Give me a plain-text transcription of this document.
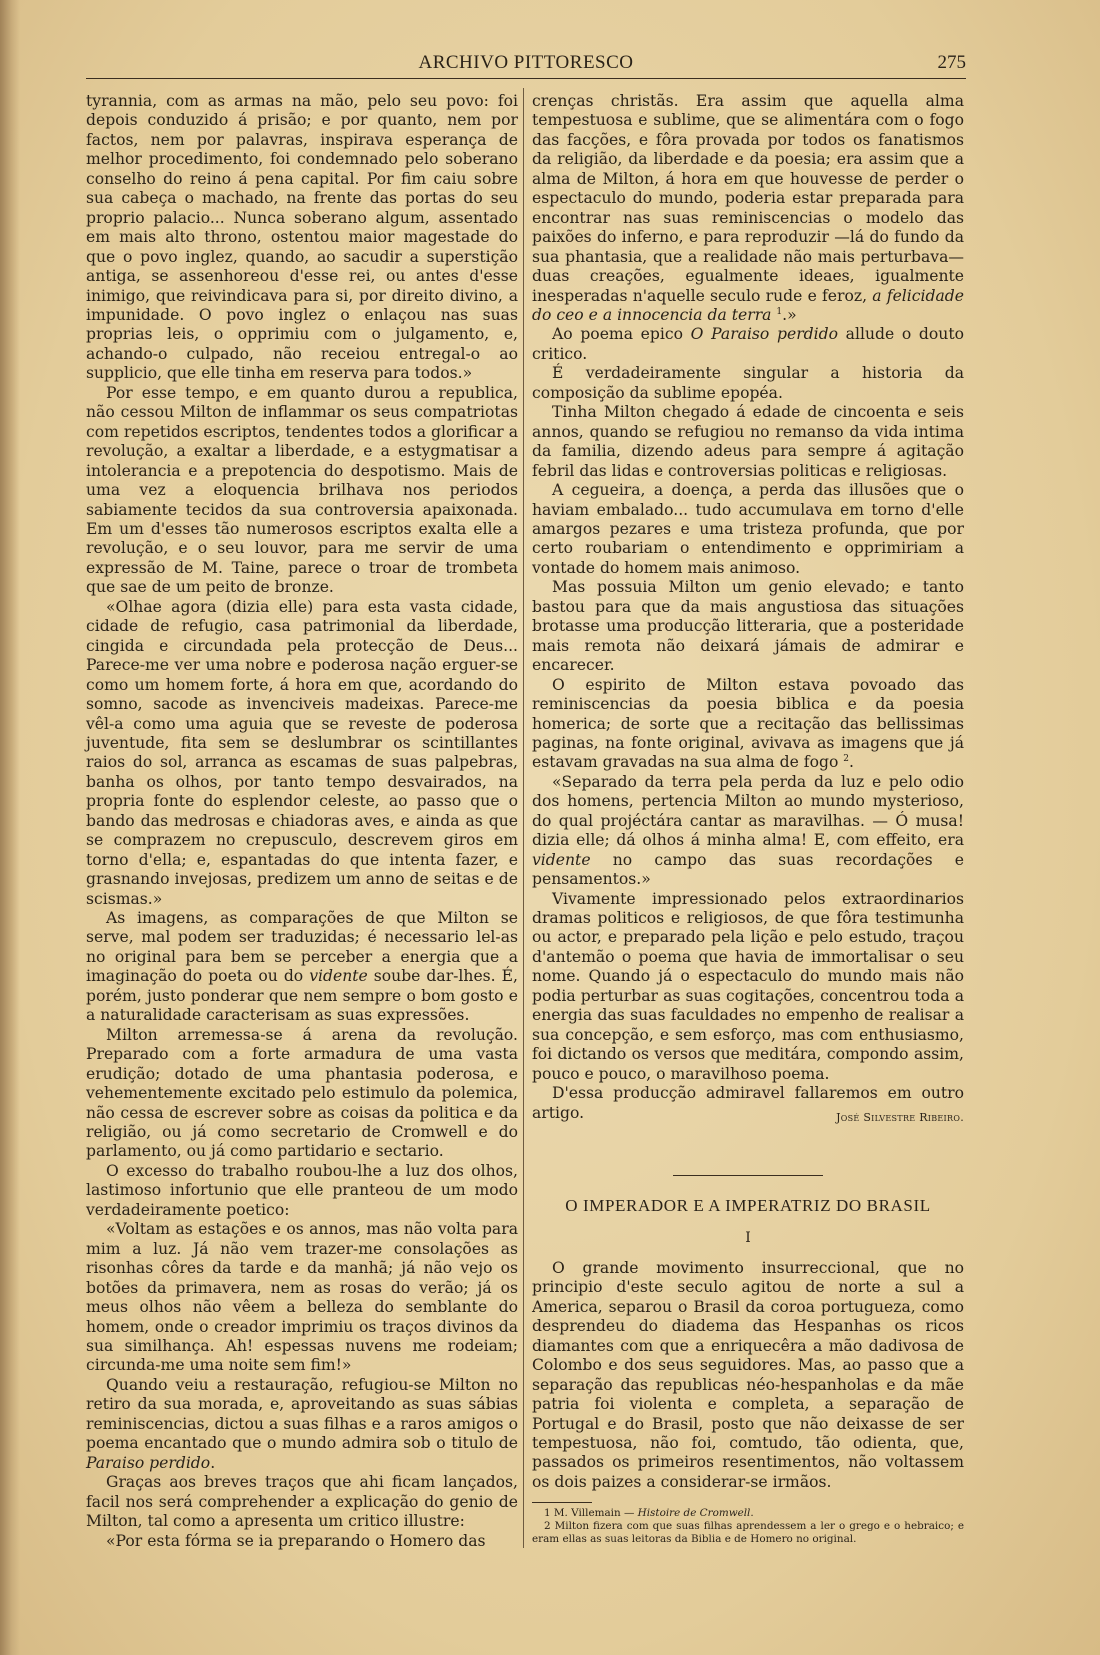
ARCHIVO PITTORESCO	275

tyrannia, com as armas na mão, pelo seu povo: foi depois conduzido á prisão; e por quanto, nem por factos, nem por palavras, inspirava esperança de melhor procedimento, foi condemnado pelo soberano conselho do reino á pena capital. Por fim caiu sobre sua cabeça o machado, na frente das portas do seu proprio palacio... Nunca soberano algum, assentado em mais alto throno, ostentou maior magestade do que o povo inglez, quando, ao sacudir a superstição antiga, se assenhoreou d'esse rei, ou antes d'esse inimigo, que reivindicava para si, por direito divino, a impunidade. O povo inglez o enlaçou nas suas proprias leis, o opprimiu com o julgamento, e, achando-o culpado, não receiou entregal-o ao supplicio, que elle tinha em reserva para todos.»

Por esse tempo, e em quanto durou a republica, não cessou Milton de inflammar os seus compatriotas com repetidos escriptos, tendentes todos a glorificar a revolução, a exaltar a liberdade, e a estygmatisar a intolerancia e a prepotencia do despotismo. Mais de uma vez a eloquencia brilhava nos periodos sabiamente tecidos da sua controversia apaixonada. Em um d'esses tão numerosos escriptos exalta elle a revolução, e o seu louvor, para me servir de uma expressão de M. Taine, parece o troar de trombeta que sae de um peito de bronze.

«Olhae agora (dizia elle) para esta vasta cidade, cidade de refugio, casa patrimonial da liberdade, cingida e circundada pela protecção de Deus... Parece-me ver uma nobre e poderosa nação erguer-se como um homem forte, á hora em que, acordando do somno, sacode as invenciveis madeixas. Parece-me vêl-a como uma aguia que se reveste de poderosa juventude, fita sem se deslumbrar os scintillantes raios do sol, arranca as escamas de suas palpebras, banha os olhos, por tanto tempo desvairados, na propria fonte do esplendor celeste, ao passo que o bando das medrosas e chiadoras aves, e ainda as que se comprazem no crepusculo, descrevem giros em torno d'ella; e, espantadas do que intenta fazer, e grasnando invejosas, predizem um anno de seitas e de scismas.»

As imagens, as comparações de que Milton se serve, mal podem ser traduzidas; é necessario lel-as no original para bem se perceber a energia que a imaginação do poeta ou do vidente soube dar-lhes. É, porém, justo ponderar que nem sempre o bom gosto e a naturalidade caracterisam as suas expressões.

Milton arremessa-se á arena da revolução. Preparado com a forte armadura de uma vasta erudição; dotado de uma phantasia poderosa, e vehementemente excitado pelo estimulo da polemica, não cessa de escrever sobre as coisas da politica e da religião, ou já como secretario de Cromwell e do parlamento, ou já como partidario e sectario.

O excesso do trabalho roubou-lhe a luz dos olhos, lastimoso infortunio que elle pranteou de um modo verdadeiramente poetico:

«Voltam as estações e os annos, mas não volta para mim a luz. Já não vem trazer-me consolações as risonhas côres da tarde e da manhã; já não vejo os botões da primavera, nem as rosas do verão; já os meus olhos não vêem a belleza do semblante do homem, onde o creador imprimiu os traços divinos da sua similhança. Ah! espessas nuvens me rodeiam; circunda-me uma noite sem fim!»

Quando veiu a restauração, refugiou-se Milton no retiro da sua morada, e, aproveitando as suas sábias reminiscencias, dictou a suas filhas e a raros amigos o poema encantado que o mundo admira sob o titulo de Paraiso perdido.

Graças aos breves traços que ahi ficam lançados, facil nos será comprehender a explicação do genio de Milton, tal como a apresenta um critico illustre:

«Por esta fórma se ia preparando o Homero das

crenças christãs. Era assim que aquella alma tempestuosa e sublime, que se alimentára com o fogo das facções, e fôra provada por todos os fanatismos da religião, da liberdade e da poesia; era assim que a alma de Milton, á hora em que houvesse de perder o espectaculo do mundo, poderia estar preparada para encontrar nas suas reminiscencias o modelo das paixões do inferno, e para reproduzir —lá do fundo da sua phantasia, que a realidade não mais perturbava— duas creações, egualmente ideaes, igualmente inesperadas n'aquelle seculo rude e feroz, a felicidade do ceo e a innocencia da terra $^1$.»

Ao poema epico O Paraiso perdido allude o douto critico.

É verdadeiramente singular a historia da composição da sublime epopéa.

Tinha Milton chegado á edade de cincoenta e seis annos, quando se refugiou no remanso da vida intima da familia, dizendo adeus para sempre á agitação febril das lidas e controversias politicas e religiosas.

A cegueira, a doença, a perda das illusões que o haviam embalado... tudo accumulava em torno d'elle amargos pezares e uma tristeza profunda, que por certo roubariam o entendimento e opprimiriam a vontade do homem mais animoso.

Mas possuia Milton um genio elevado; e tanto bastou para que da mais angustiosa das situações brotasse uma producção litteraria, que a posteridade mais remota não deixará jámais de admirar e encarecer.

O espirito de Milton estava povoado das reminiscencias da poesia biblica e da poesia homerica; de sorte que a recitação das bellissimas paginas, na fonte original, avivava as imagens que já estavam gravadas na sua alma de fogo $^2$.

«Separado da terra pela perda da luz e pelo odio dos homens, pertencia Milton ao mundo mysterioso, do qual projéctára cantar as maravilhas. — Ó musa! dizia elle; dá olhos á minha alma! E, com effeito, era vidente no campo das suas recordações e pensamentos.»

Vivamente impressionado pelos extraordinarios dramas politicos e religiosos, de que fôra testimunha ou actor, e preparado pela lição e pelo estudo, traçou d'antemão o poema que havia de immortalisar o seu nome. Quando já o espectaculo do mundo mais não podia perturbar as suas cogitações, concentrou toda a energia das suas faculdades no empenho de realisar a sua concepção, e sem esforço, mas com enthusiasmo, foi dictando os versos que meditára, compondo assim, pouco e pouco, o maravilhoso poema.

D'essa producção admiravel fallaremos em outro artigo.	José Silvestre Ribeiro.

O IMPERADOR E A IMPERATRIZ DO BRASIL
I

O grande movimento insurreccional, que no principio d'este seculo agitou de norte a sul a America, separou o Brasil da coroa portugueza, como desprendeu do diadema das Hespanhas os ricos diamantes com que a enriquecêra a mão dadivosa de Colombo e dos seus seguidores. Mas, ao passo que a separação das republicas néo-hespanholas e da mãe patria foi violenta e completa, a separação de Portugal e do Brasil, posto que não deixasse de ser tempestuosa, não foi, comtudo, tão odienta, que, passados os primeiros resentimentos, não voltassem os dois paizes a considerar-se irmãos.

1 M. Villemain — Histoire de Cromwell.

2 Milton fizera com que suas filhas aprendessem a ler o grego e o hebraico; e eram ellas as suas leitoras da Biblia e de Homero no original.
